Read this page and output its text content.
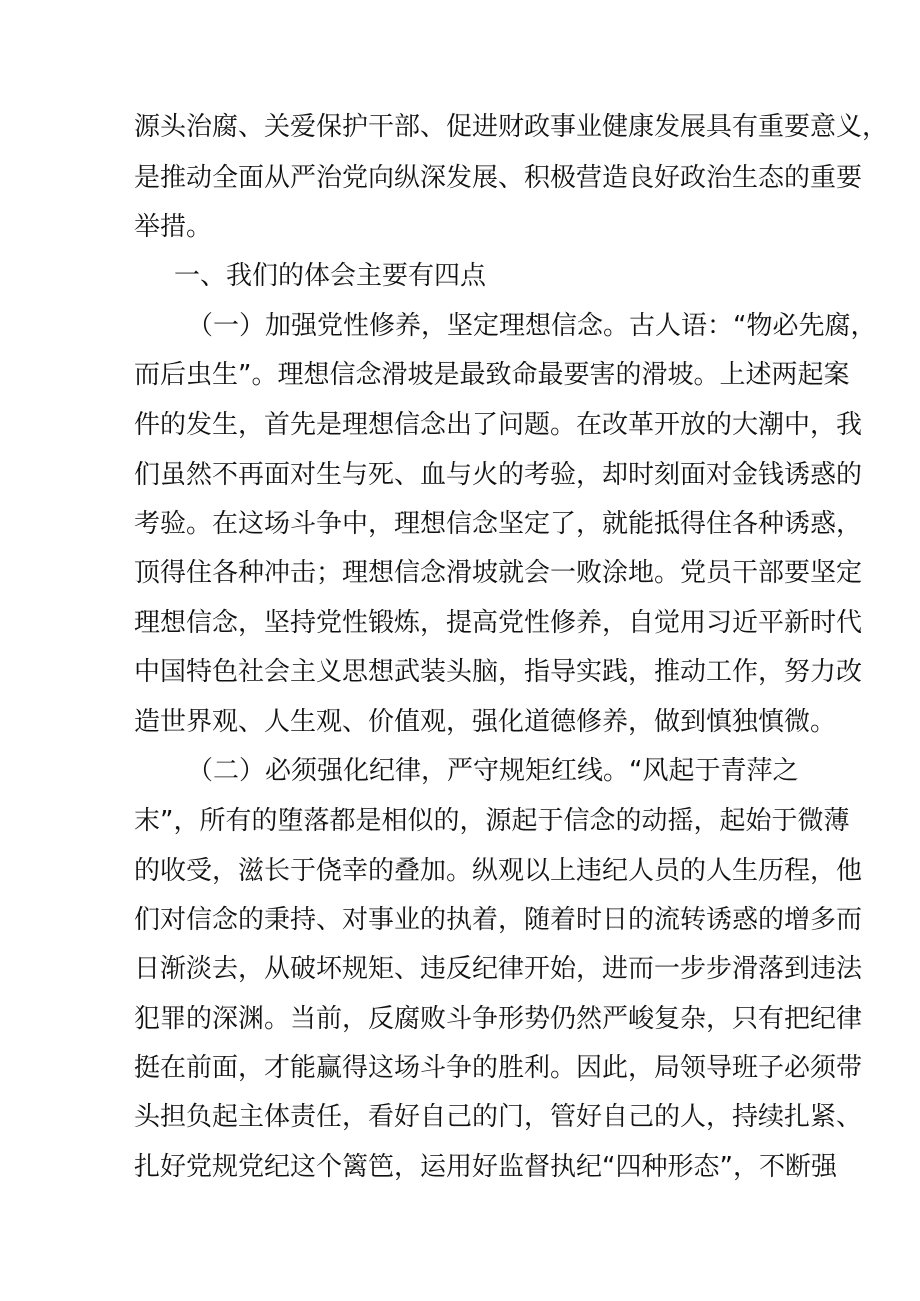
源头治腐、关爱保护干部、促进财政事业健康发展具有重要意义，

是推动全面从严治党向纵深发展、积极营造良好政治生态的重要

举措。

一、我们的体会主要有四点

（一）加强党性修养，坚定理想信念。古人语：“物必先腐，

而后虫生”。理想信念滑坡是最致命最要害的滑坡。上述两起案

件的发生，首先是理想信念出了问题。在改革开放的大潮中，我

们虽然不再面对生与死、血与火的考验，却时刻面对金钱诱惑的

考验。在这场斗争中，理想信念坚定了，就能抵得住各种诱惑，

顶得住各种冲击；理想信念滑坡就会一败涂地。党员干部要坚定

理想信念，坚持党性锻炼，提高党性修养，自觉用习近平新时代

中国特色社会主义思想武装头脑，指导实践，推动工作，努力改

造世界观、人生观、价值观，强化道德修养，做到慎独慎微。

（二）必须强化纪律，严守规矩红线。“风起于青萍之

末”，所有的堕落都是相似的，源起于信念的动摇，起始于微薄

的收受，滋长于侥幸的叠加。纵观以上违纪人员的人生历程，他

们对信念的秉持、对事业的执着，随着时日的流转诱惑的增多而

日渐淡去，从破坏规矩、违反纪律开始，进而一步步滑落到违法

犯罪的深渊。当前，反腐败斗争形势仍然严峻复杂，只有把纪律

挺在前面，才能赢得这场斗争的胜利。因此，局领导班子必须带

头担负起主体责任，看好自己的门，管好自己的人，持续扎紧、

扎好党规党纪这个篱笆，运用好监督执纪“四种形态”，不断强
